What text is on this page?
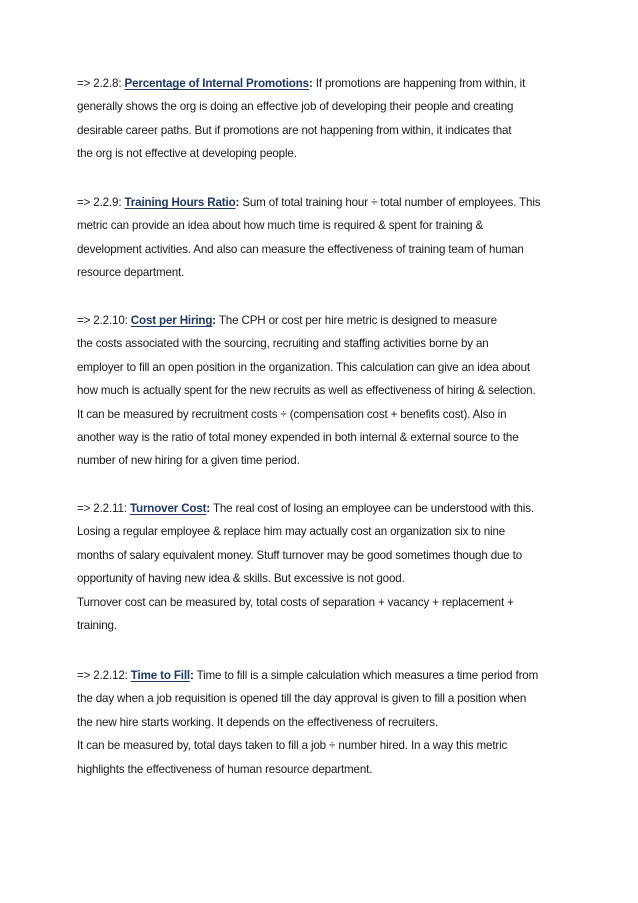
=> 2.2.8: Percentage of Internal Promotions: If promotions are happening from within, it
generally shows the org is doing an effective job of developing their people and creating
desirable career paths. But if promotions are not happening from within, it indicates that
the org is not effective at developing people.
=> 2.2.9: Training Hours Ratio: Sum of total training hour ÷ total number of employees. This
metric can provide an idea about how much time is required & spent for training &
development activities. And also can measure the effectiveness of training team of human
resource department.
=> 2.2.10: Cost per Hiring: The CPH or cost per hire metric is designed to measure
the costs associated with the sourcing, recruiting and staffing activities borne by an
employer to fill an open position in the organization. This calculation can give an idea about
how much is actually spent for the new recruits as well as effectiveness of hiring & selection.
It can be measured by recruitment costs ÷ (compensation cost + benefits cost). Also in
another way is the ratio of total money expended in both internal & external source to the
number of new hiring for a given time period.
=> 2.2.11: Turnover Cost: The real cost of losing an employee can be understood with this.
Losing a regular employee & replace him may actually cost an organization six to nine
months of salary equivalent money. Stuff turnover may be good sometimes though due to
opportunity of having new idea & skills. But excessive is not good.
Turnover cost can be measured by, total costs of separation + vacancy + replacement +
training.
=> 2.2.12: Time to Fill: Time to fill is a simple calculation which measures a time period from
the day when a job requisition is opened till the day approval is given to fill a position when
the new hire starts working. It depends on the effectiveness of recruiters.
It can be measured by, total days taken to fill a job ÷ number hired. In a way this metric
highlights the effectiveness of human resource department.
